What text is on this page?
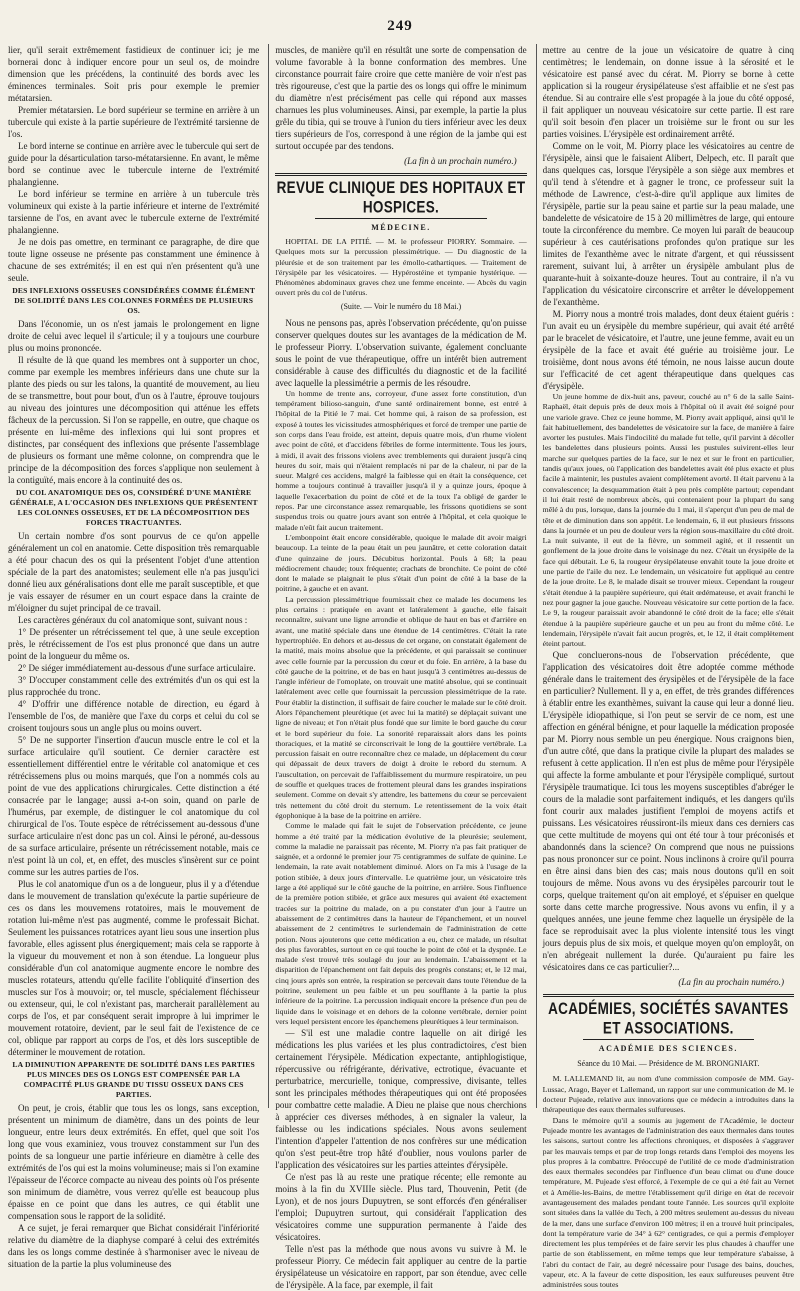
249

lier, qu'il serait extrêmement fastidieux de continuer ici; je me bornerai donc à indiquer encore pour un seul os, de moindre dimension que les précédens, la continuité des bords avec les éminences terminales. Soit pris pour exemple le premier métatarsien.

Premier métatarsien. Le bord supérieur se termine en arrière à un tubercule qui existe à la partie supérieure de l'extrémité tarsienne de l'os.

Le bord interne se continue en arrière avec le tubercule qui sert de guide pour la désarticulation tarso-métatarsienne. En avant, le même bord se continue avec le tubercule interne de l'extrémité phalangienne.

Le bord inférieur se termine en arrière à un tubercule très volumineux qui existe à la partie inférieure et interne de l'extrémité tarsienne de l'os, en avant avec le tubercule externe de l'extrémité phalangienne.

Je ne dois pas omettre, en terminant ce paragraphe, de dire que toute ligne osseuse ne présente pas constamment une éminence à chacune de ses extrémités; il en est qui n'en présentent qu'à une seule.

DES INFLEXIONS OSSEUSES CONSIDÉRÉES COMME ÉLÉMENT DE SOLIDITÉ DANS LES COLONNES FORMÉES DE PLUSIEURS OS.

Dans l'économie, un os n'est jamais le prolongement en ligne droite de celui avec lequel il s'articule; il y a toujours une courbure plus ou moins prononcée.

Il résulte de là que quand les membres ont à supporter un choc, comme par exemple les membres inférieurs dans une chute sur la plante des pieds ou sur les talons, la quantité de mouvement, au lieu de se transmettre, bout pour bout, d'un os à l'autre, éprouve toujours au niveau des jointures une décomposition qui atténue les effets fâcheux de la percussion. Si l'on se rappelle, en outre, que chaque os présente en lui-même des inflexions qui lui sont propres et distinctes, par conséquent des inflexions que présente l'assemblage de plusieurs os formant une même colonne, on comprendra que le principe de la décomposition des forces s'applique non seulement à la contiguïté, mais encore à la continuité des os.

DU COL ANATOMIQUE DES OS, CONSIDÉRÉ D'UNE MANIÈRE GÉNÉRALE, A L'OCCASION DES INFLEXIONS QUE PRÉSENTENT LES COLONNES OSSEUSES, ET DE LA DÉCOMPOSITION DES FORCES TRACTUANTES.

Un certain nombre d'os sont pourvus de ce qu'on appelle généralement un col en anatomie. Cette disposition très remarquable a été pour chacun des os qui la présentent l'objet d'une attention spéciale de la part des anatomistes; seulement elle n'a pas jusqu'ici donné lieu aux généralisations dont elle me paraît susceptible, et que je vais essayer de résumer en un court espace dans la crainte de m'éloigner du sujet principal de ce travail.

Les caractères généraux du col anatomique sont, suivant nous :

1° De présenter un rétrécissement tel que, à une seule exception près, le rétrécissement de l'os est plus prononcé que dans un autre point de la longueur du même os.

2° De siéger immédiatement au-dessous d'une surface articulaire.

3° D'occuper constamment celle des extrémités d'un os qui est la plus rapprochée du tronc.

4° D'offrir une différence notable de direction, eu égard à l'ensemble de l'os, de manière que l'axe du corps et celui du col se croisent toujours sous un angle plus ou moins ouvert.

5° De ne supporter l'insertion d'aucun muscle entre le col et la surface articulaire qu'il soutient. Ce dernier caractère est essentiellement différentiel entre le véritable col anatomique et ces rétrécissemens plus ou moins marqués, que l'on a nommés cols au point de vue des applications chirurgicales. Cette distinction a été consacrée par le langage; aussi a-t-on soin, quand on parle de l'humérus, par exemple, de distinguer le col anatomique du col chirurgical de l'os. Toute espèce de rétrécissement au-dessous d'une surface articulaire n'est donc pas un col. Ainsi le péroné, au-dessous de sa surface articulaire, présente un rétrécissement notable, mais ce n'est point là un col, et, en effet, des muscles s'insèrent sur ce point comme sur les autres parties de l'os.

Plus le col anatomique d'un os a de longueur, plus il y a d'étendue dans le mouvement de translation qu'exécute la partie supérieure de ces os dans les mouvemens rotatoires, mais le mouvement de rotation lui-même n'est pas augmenté, comme le professait Bichat. Seulement les puissances rotatrices ayant lieu sous une insertion plus favorable, elles agissent plus énergiquement; mais cela se rapporte à la vigueur du mouvement et non à son étendue. La longueur plus considérable d'un col anatomique augmente encore le nombre des muscles rotateurs, attendu qu'elle facilite l'obliquité d'insertion des muscles sur l'os à mouvoir; or, tel muscle, spécialement fléchisseur ou extenseur, qui, le col n'existant pas, marcherait parallèlement au corps de l'os, et par conséquent serait impropre à lui imprimer le mouvement rotatoire, devient, par le seul fait de l'existence de ce col, oblique par rapport au corps de l'os, et dès lors susceptible de déterminer le mouvement de rotation.

LA DIMINUTION APPARENTE DE SOLIDITÉ DANS LES PARTIES PLUS MINCES DES OS LONGS EST COMPENSÉE PAR LA COMPACITÉ PLUS GRANDE DU TISSU OSSEUX DANS CES PARTIES.

On peut, je crois, établir que tous les os longs, sans exception, présentent un minimum de diamètre, dans un des points de leur longueur, entre leurs deux extrémités. En effet, quel que soit l'os long que vous examiniez, vous trouvez constamment sur l'un des points de sa longueur une partie inférieure en diamètre à celle des extrémités de l'os qui est la moins volumineuse; mais si l'on examine l'épaisseur de l'écorce compacte au niveau des points où l'os présente son minimum de diamètre, vous verrez qu'elle est beaucoup plus épaisse en ce point que dans les autres, ce qui établit une compensation sous le rapport de la solidité.

A ce sujet, je ferai remarquer que Bichat considérait l'infériorité relative du diamètre de la diaphyse comparé à celui des extrémités dans les os longs comme destinée à s'harmoniser avec le niveau de situation de la partie la plus volumineuse des

muscles, de manière qu'il en résultât une sorte de compensation de volume favorable à la bonne conformation des membres. Une circonstance pourrait faire croire que cette manière de voir n'est pas très rigoureuse, c'est que la partie des os longs qui offre le minimum du diamètre n'est précisément pas celle qui répond aux masses charnues les plus volumineuses. Ainsi, par exemple, la partie la plus grêle du tibia, qui se trouve à l'union du tiers inférieur avec les deux tiers supérieurs de l'os, correspond à une région de la jambe qui est surtout occupée par des tendons.

(La fin à un prochain numéro.)
REVUE CLINIQUE DES HOPITAUX ET HOSPICES.
MÉDECINE.

HOPITAL DE LA PITIÉ. — M. le professeur PIORRY. Sommaire. — Quelques mots sur la percussion plessimétrique. — Du diagnostic de la pléurésie et de son traitement par les émollo-cathartiques. — Traitement de l'érysipèle par les vésicatoires. — Hypérostéine et tympanie hystérique. — Phénomènes abdominaux graves chez une femme enceinte. — Abcès du vagin ouvert près du col de l'utérus.

(Suite. — Voir le numéro du 18 Mai.)

Nous ne pensons pas, après l'observation précédente, qu'on puisse conserver quelques doutes sur les avantages de la médication de M. le professeur Piorry. L'observation suivante, également concluante sous le point de vue thérapeutique, offre un intérêt bien autrement considérable à cause des difficultés du diagnostic et de la facilité avec laquelle la plessimétrie a permis de les résoudre.

Un homme de trente ans, corroyeur, d'une assez forte constitution, d'un tempérament bilioso-sanguin, d'une santé ordinairement bonne, est entré à l'hôpital de la Pitié le 7 mai. Cet homme qui, à raison de sa profession, est exposé à toutes les vicissitudes atmosphériques et forcé de tremper une partie de son corps dans l'eau froide, est atteint, depuis quatre mois, d'un rhume violent avec point de côté, et d'accidens fébriles de forme intermittente. Tous les jours, à midi, il avait des frissons violens avec tremblements qui duraient jusqu'à cinq heures du soir, mais qui n'étaient remplacés ni par de la chaleur, ni par de la sueur. Malgré ces accidens, malgré la faiblesse qui en était la conséquence, cet homme a toujours continué à travailler jusqu'à il y a quinze jours, époque à laquelle l'exacerbation du point de côté et de la toux l'a obligé de garder le repos. Par une circonstance assez remarquable, les frissons quotidiens se sont suspendus trois ou quatre jours avant son entrée à l'hôpital, et cela quoique le malade n'eût fait aucun traitement.

L'embonpoint était encore considérable, quoique le malade dit avoir maigri beaucoup. La teinte de la peau était un peu jaunâtre, et cette coloration datait d'une quinzaine de jours. Décubitus horizontal. Pouls à 68; la peau médiocrement chaude; toux fréquente; crachats de bronchite. Ce point de côté dont le malade se plaignait le plus s'était d'un point de côté à la base de la poitrine, à gauche et en avant.

La percussion plessimétrique fournissait chez ce malade les documens les plus certains : pratiquée en avant et latéralement à gauche, elle faisait reconnaître, suivant une ligne arrondie et oblique de haut en bas et d'arrière en avant, une matité spéciale dans une étendue de 14 centimètres. C'était la rate hypertrophiée. En dehors et au-dessus de cet organe, on constatait également de la matité, mais moins absolue que la précédente, et qui paraissait se continuer avec celle fournie par la percussion du cœur et du foie. En arrière, à la base du côté gauche de la poitrine, et de bas en haut jusqu'à 3 centimètres au-dessus de l'angle inférieur de l'omoplate, on trouvait une matité absolue, qui se continuait latéralement avec celle que fournissait la percussion plessimétrique de la rate. Pour établir la distinction, il suffisait de faire coucher le malade sur le côté droit. Alors l'épanchement pleurétique (et avec lui la matité) se déplaçait suivant une ligne de niveau; et l'on n'était plus fondé que sur limite le bord gauche du cœur et le bord supérieur du foie. La sonorité reparaissait alors dans les points thoraciques, et la matité se circonscrivait le long de la gouttière vertébrale. La percussion faisait en outre reconnaître chez ce malade, un déplacement du cœur qui dépassait de deux travers de doigt à droite le rebord du sternum. A l'auscultation, on percevait de l'affaiblissement du murmure respiratoire, un peu de souffle et quelques traces de frottement pleural dans les grandes inspirations seulement. Comme on devait s'y attendre, les battemens du cœur se percevaient très nettement du côté droit du sternum. Le retentissement de la voix était égophonique à la base de la poitrine en arrière.

Comme le malade qui fait le sujet de l'observation précédente, ce jeune homme a été traité par la médication évolutive de la pleurésie; seulement, comme la maladie ne paraissait pas récente, M. Piorry n'a pas fait pratiquer de saignée, et a ordonné le premier jour 75 centigrammes de sulfate de quinine. Le lendemain, la rate avait notablement diminué. Alors on l'a mis à l'usage de la potion stibiée, à deux jours d'intervalle. Le quatrième jour, un vésicatoire très large a été appliqué sur le côté gauche de la poitrine, en arrière. Sous l'influence de la première potion stibiée, et grâce aux mesures qui avaient été exactement tracées sur la poitrine du malade, on a pu constater d'un jour à l'autre un abaissement de 2 centimètres dans la hauteur de l'épanchement, et un nouvel abaissement de 2 centimètres le surlendemain de l'administration de cette potion. Nous ajouterons que cette médication a eu, chez ce malade, un résultat des plus favorables, surtout en ce qui touche le point de côté et la dyspnée. Le malade s'est trouvé très soulagé du jour au lendemain. L'abaissement et la disparition de l'épanchement ont fait depuis des progrès constans; et, le 12 mai, cinq jours après son entrée, la respiration se percevait dans toute l'étendue de la poitrine, seulement un peu faible et un peu soufflante à la partie la plus inférieure de la poitrine. La percussion indiquait encore la présence d'un peu de liquide dans le voisinage et en dehors de la colonne vertébrale, dernier point vers lequel persistent encore les épanchemens pleurétiques à leur terminaison.

— S'il est une maladie contre laquelle on ait dirigé les médications les plus variées et les plus contradictoires, c'est bien certainement l'érysipèle. Médication expectante, antiphlogistique, répercussive ou réfrigérante, dérivative, ectrotique, évacuante et perturbatrice, mercurielle, tonique, compressive, divisante, telles sont les principales méthodes thérapeutiques qui ont été proposées pour combattre cette maladie. A Dieu ne plaise que nous cherchions à apprécier ces diverses méthodes, à en signaler la valeur, la faiblesse ou les indications spéciales. Nous avons seulement l'intention d'appeler l'attention de nos confrères sur une médication qu'on s'est peut-être trop hâté d'oublier, nous voulons parler de l'application des vésicatoires sur les parties atteintes d'érysipèle.

Ce n'est pas là au reste une pratique récente; elle remonte au moins à la fin du XVIIIe siècle. Plus tard, Thouvenin, Petit (de Lyon), et de nos jours Dupuytren, se sont efforcés d'en généraliser l'emploi; Dupuytren surtout, qui considérait l'application des vésicatoires comme une suppuration permanente à l'aide des vésicatoires.

Telle n'est pas la méthode que nous avons vu suivre à M. le professeur Piorry. Ce médecin fait appliquer au centre de la partie érysipélateuse un vésicatoire en rapport, par son étendue, avec celle de l'érysipèle. A la face, par exemple, il fait

mettre au centre de la joue un vésicatoire de quatre à cinq centimètres; le lendemain, on donne issue à la sérosité et le vésicatoire est pansé avec du cérat. M. Piorry se borne à cette application si la rougeur érysipélateuse s'est affaiblie et ne s'est pas étendue. Si au contraire elle s'est propagée à la joue du côté opposé, il fait appliquer un nouveau vésicatoire sur cette partie. Il est rare qu'il soit besoin d'en placer un troisième sur le front ou sur les parties voisines. L'érysipèle est ordinairement arrêté.

Comme on le voit, M. Piorry place les vésicatoires au centre de l'érysipèle, ainsi que le faisaient Alibert, Delpech, etc. Il paraît que dans quelques cas, lorsque l'érysipèle a son siège aux membres et qu'il tend à s'étendre et à gagner le tronc, ce professeur suit la méthode de Lawrence, c'est-à-dire qu'il applique aux limites de l'érysipèle, partie sur la peau saine et partie sur la peau malade, une bandelette de vésicatoire de 15 à 20 millimètres de large, qui entoure toute la circonférence du membre. Ce moyen lui paraît de beaucoup supérieur à ces cautérisations profondes qu'on pratique sur les limites de l'exanthème avec le nitrate d'argent, et qui réussissent rarement, suivant lui, à arrêter un érysipèle ambulant plus de quarante-huit à soixante-douze heures. Tout au contraire, il n'a vu l'application du vésicatoire circonscrire et arrêter le développement de l'exanthème.

M. Piorry nous a montré trois malades, dont deux étaient guéris : l'un avait eu un érysipèle du membre supérieur, qui avait été arrêté par le bracelet de vésicatoire, et l'autre, une jeune femme, avait eu un érysipèle de la face et avait été guérie au troisième jour. Le troisième, dont nous avons été témoin, ne nous laisse aucun doute sur l'efficacité de cet agent thérapeutique dans quelques cas d'érysipèle.

Un jeune homme de dix-huit ans, paveur, couché au n° 6 de la salle Saint-Raphaël, était depuis près de deux mois à l'hôpital où il avait été soigné pour une variole grave. Chez ce jeune homme, M. Piorry avait appliqué, ainsi qu'il le fait habituellement, des bandelettes de vésicatoire sur la face, de manière à faire avorter les pustules. Mais l'indocilité du malade fut telle, qu'il parvint à décoller les bandelettes dans plusieurs points. Aussi les pustules suivirent-elles leur marche sur quelques parties de la face, sur le nez et sur le front en particulier, tandis qu'aux joues, où l'application des bandelettes avait été plus exacte et plus facile à maintenir, les pustules avaient complètement avorté. Il était parvenu à la convalescence; la desquammation était à peu près complète partout; cependant il lui était resté de nombreux abcès, qui contenaient pour la plupart du sang mêlé à du pus, lorsque, dans la journée du 1 mai, il s'aperçut d'un peu de mal de tête et de diminution dans son appétit. Le lendemain, 6, il eut plusieurs frissons dans la journée et un peu de douleur vers la région sous-maxillaire du côté droit. La nuit suivante, il eut de la fièvre, un sommeil agité, et il ressentit un gonflement de la joue droite dans le voisinage du nez. C'était un érysipèle de la face qui débutait. Le 6, la rougeur érysipélateuse envahit toute la joue droite et une partie de l'aile du nez. Le lendemain, un vésicatoire fut appliqué au centre de la joue droite. Le 8, le malade disait se trouver mieux. Cependant la rougeur s'était étendue à la paupière supérieure, qui était œdémateuse, et avait franchi le nez pour gagner la joue gauche. Nouveau vésicatoire sur cette portion de la face. Le 9, la rougeur paraissait avoir abandonné le côté droit de la face; elle s'était étendue à la paupière supérieure gauche et un peu au front du même côté. Le lendemain, l'érysipèle n'avait fait aucun progrès, et, le 12, il était complètement éteint partout.

Que concluerons-nous de l'observation précédente, que l'application des vésicatoires doit être adoptée comme méthode générale dans le traitement des érysipèles et de l'érysipèle de la face en particulier? Nullement. Il y a, en effet, de très grandes différences à établir entre les exanthèmes, suivant la cause qui leur a donné lieu. L'érysipèle idiopathique, si l'on peut se servir de ce nom, est une affection en général bénigne, et pour laquelle la médication proposée par M. Piorry nous semble un peu énergique. Nous craignons bien, d'un autre côté, que dans la pratique civile la plupart des malades se refusent à cette application. Il n'en est plus de même pour l'érysipèle qui affecte la forme ambulante et pour l'érysipèle compliqué, surtout l'érysipèle traumatique. Ici tous les moyens susceptibles d'abréger le cours de la maladie sont parfaitement indiqués, et les dangers qu'ils font courir aux malades justifient l'emploi de moyens actifs et puissans. Les vésicatoires réussiront-ils mieux dans ces derniers cas que cette multitude de moyens qui ont été tour à tour préconisés et abandonnés dans la science? On comprend que nous ne puissions pas nous prononcer sur ce point. Nous inclinons à croire qu'il pourra en être ainsi dans bien des cas; mais nous doutons qu'il en soit toujours de même. Nous avons vu des érysipèles parcourir tout le corps, quelque traitement qu'on ait employé, et s'épuiser en quelque sorte dans cette marche progressive. Nous avons vu enfin, il y a quelques années, une jeune femme chez laquelle un érysipèle de la face se reproduisait avec la plus violente intensité tous les vingt jours depuis plus de six mois, et quelque moyen qu'on employât, on n'en abrégeait nullement la durée. Qu'auraient pu faire les vésicatoires dans ce cas particulier?...

(La fin au prochain numéro.)
ACADÉMIES, SOCIÉTÉS SAVANTES ET ASSOCIATIONS.
ACADÉMIE DES SCIENCES.
Séance du 10 Mai. — Présidence de M. BRONGNIART.

M. LALLEMAND lit, au nom d'une commission composée de MM. Gay-Lussac, Arago, Bayer et Lallemand, un rapport sur une communication de M. le docteur Pujeade, relative aux innovations que ce médecin a introduites dans la thérapeutique des eaux thermales sulfureuses.

Dans le mémoire qu'il a soumis au jugement de l'Académie, le docteur Pujeade montre les avantages de l'administration des eaux thermales dans toutes les saisons, surtout contre les affections chroniques, et disposées à s'aggraver par les mauvais temps et par de trop longs retards dans l'emploi des moyens les plus propres à la combattre. Préoccupé de l'utilité de ce mode d'administration des eaux thermales secondées par l'influence d'un beau climat ou d'une douce température, M. Pujeade s'est efforcé, à l'exemple de ce qui a été fait au Vernet et à Amélie-les-Bains, de mettre l'établissement qu'il dirige en état de recevoir avantageusement des malades pendant toute l'année. Les sources qu'il exploite sont situées dans la vallée du Tech, à 200 mètres seulement au-dessus du niveau de la mer, dans une surface d'environ 100 mètres; il en a trouvé huit principales, dont la température varie de 34° à 62° centigrades, ce qui a permis d'employer directement les plus tempérées et de faire servir les plus chaudes à chauffer une partie de son établissement, en même temps que leur température s'abaisse, à l'abri du contact de l'air, au degré nécessaire pour l'usage des bains, douches, vapeur, etc. A la faveur de cette disposition, les eaux sulfureuses peuvent être administrées sous toutes
